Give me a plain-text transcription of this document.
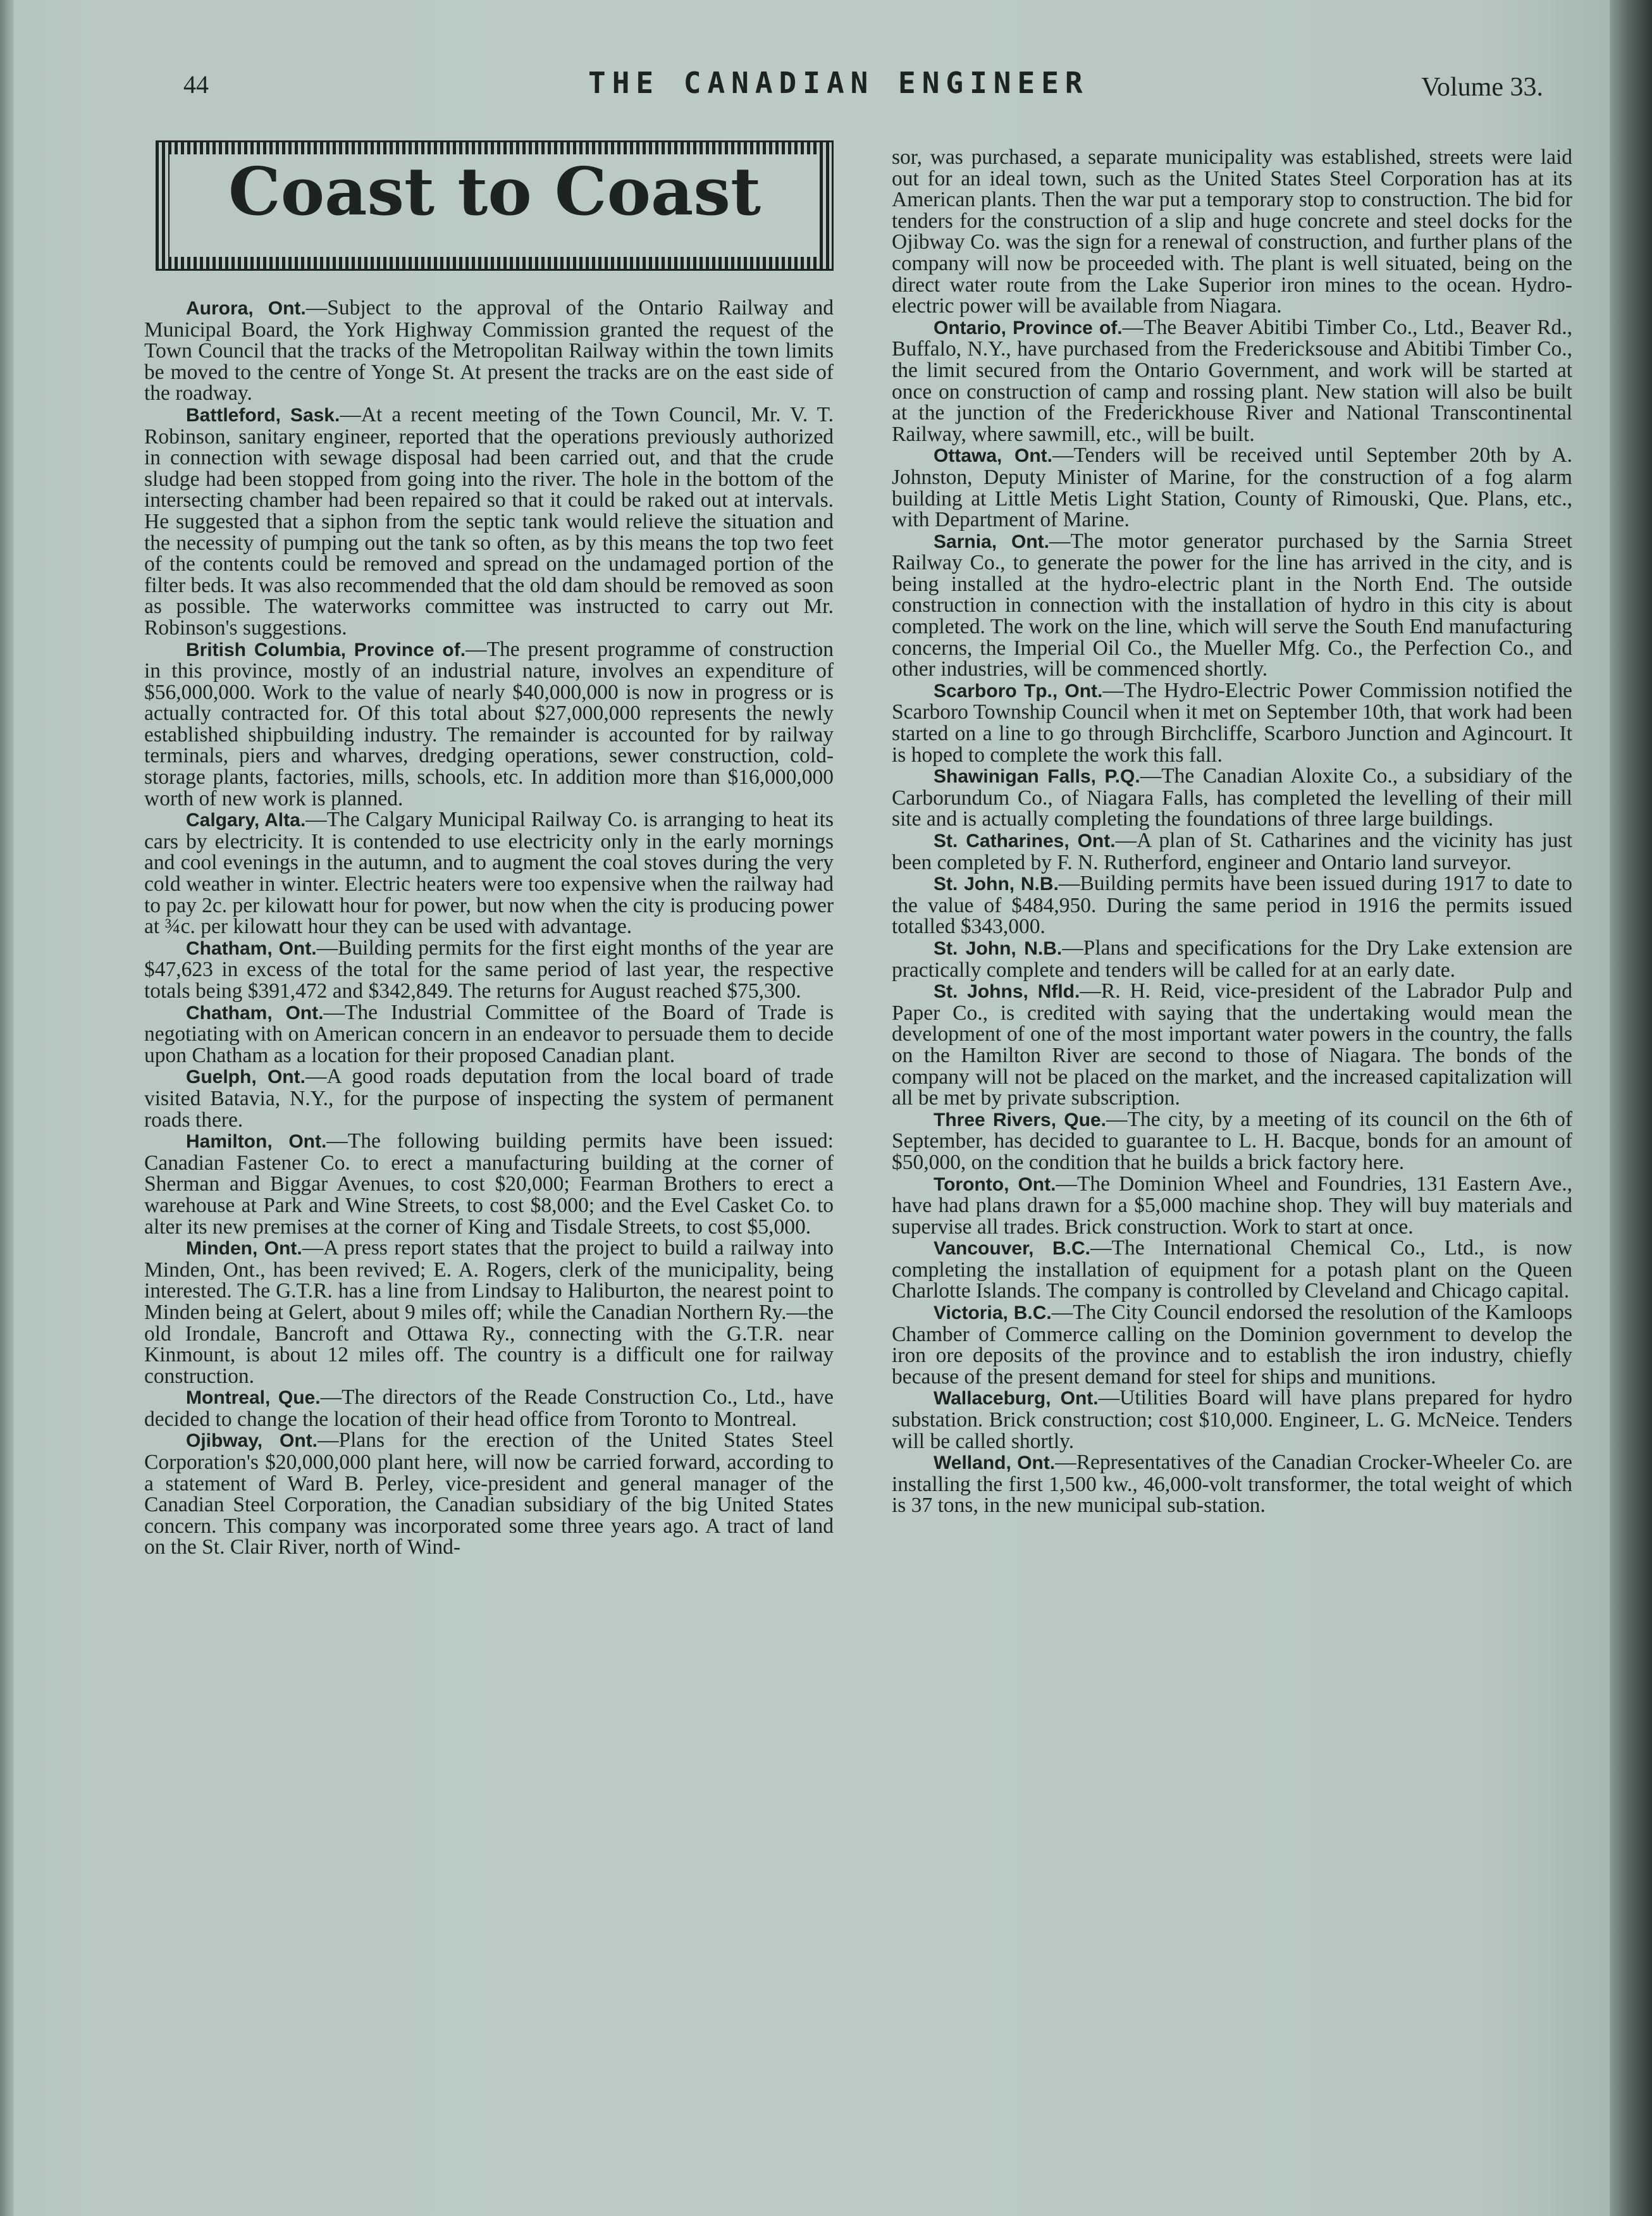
44	THE CANADIAN ENGINEER	Volume 33.
Coast to Coast

Aurora, Ont.—Subject to the approval of the Ontario Railway and Municipal Board, the York Highway Commission granted the request of the Town Council that the tracks of the Metropolitan Railway within the town limits be moved to the centre of Yonge St. At present the tracks are on the east side of the roadway.

Battleford, Sask.—At a recent meeting of the Town Council, Mr. V. T. Robinson, sanitary engineer, reported that the operations previously authorized in connection with sewage disposal had been carried out, and that the crude sludge had been stopped from going into the river. The hole in the bottom of the intersecting chamber had been repaired so that it could be raked out at intervals. He suggested that a siphon from the septic tank would relieve the situation and the necessity of pumping out the tank so often, as by this means the top two feet of the contents could be removed and spread on the undamaged portion of the filter beds. It was also recommended that the old dam should be removed as soon as possible. The waterworks committee was instructed to carry out Mr. Robinson's suggestions.

British Columbia, Province of.—The present programme of construction in this province, mostly of an industrial nature, involves an expenditure of $56,000,000. Work to the value of nearly $40,000,000 is now in progress or is actually contracted for. Of this total about $27,000,000 represents the newly established shipbuilding industry. The remainder is accounted for by railway terminals, piers and wharves, dredging operations, sewer construction, cold-storage plants, factories, mills, schools, etc. In addition more than $16,000,000 worth of new work is planned.

Calgary, Alta.—The Calgary Municipal Railway Co. is arranging to heat its cars by electricity. It is contended to use electricity only in the early mornings and cool evenings in the autumn, and to augment the coal stoves during the very cold weather in winter. Electric heaters were too expensive when the railway had to pay 2c. per kilowatt hour for power, but now when the city is producing power at ¾c. per kilowatt hour they can be used with advantage.

Chatham, Ont.—Building permits for the first eight months of the year are $47,623 in excess of the total for the same period of last year, the respective totals being $391,472 and $342,849. The returns for August reached $75,300.

Chatham, Ont.—The Industrial Committee of the Board of Trade is negotiating with on American concern in an endeavor to persuade them to decide upon Chatham as a location for their proposed Canadian plant.

Guelph, Ont.—A good roads deputation from the local board of trade visited Batavia, N.Y., for the purpose of inspecting the system of permanent roads there.

Hamilton, Ont.—The following building permits have been issued: Canadian Fastener Co. to erect a manufacturing building at the corner of Sherman and Biggar Avenues, to cost $20,000; Fearman Brothers to erect a warehouse at Park and Wine Streets, to cost $8,000; and the Evel Casket Co. to alter its new premises at the corner of King and Tisdale Streets, to cost $5,000.

Minden, Ont.—A press report states that the project to build a railway into Minden, Ont., has been revived; E. A. Rogers, clerk of the municipality, being interested. The G.T.R. has a line from Lindsay to Haliburton, the nearest point to Minden being at Gelert, about 9 miles off; while the Canadian Northern Ry.—the old Irondale, Bancroft and Ottawa Ry., connecting with the G.T.R. near Kinmount, is about 12 miles off. The country is a difficult one for railway construction.

Montreal, Que.—The directors of the Reade Construction Co., Ltd., have decided to change the location of their head office from Toronto to Montreal.

Ojibway, Ont.—Plans for the erection of the United States Steel Corporation's $20,000,000 plant here, will now be carried forward, according to a statement of Ward B. Perley, vice-president and general manager of the Canadian Steel Corporation, the Canadian subsidiary of the big United States concern. This company was incorporated some three years ago. A tract of land on the St. Clair River, north of Wind-

sor, was purchased, a separate municipality was established, streets were laid out for an ideal town, such as the United States Steel Corporation has at its American plants. Then the war put a temporary stop to construction. The bid for tenders for the construction of a slip and huge concrete and steel docks for the Ojibway Co. was the sign for a renewal of construction, and further plans of the company will now be proceeded with. The plant is well situated, being on the direct water route from the Lake Superior iron mines to the ocean. Hydro-electric power will be available from Niagara.

Ontario, Province of.—The Beaver Abitibi Timber Co., Ltd., Beaver Rd., Buffalo, N.Y., have purchased from the Fredericksouse and Abitibi Timber Co., the limit secured from the Ontario Government, and work will be started at once on construction of camp and rossing plant. New station will also be built at the junction of the Frederickhouse River and National Transcontinental Railway, where sawmill, etc., will be built.

Ottawa, Ont.—Tenders will be received until September 20th by A. Johnston, Deputy Minister of Marine, for the construction of a fog alarm building at Little Metis Light Station, County of Rimouski, Que. Plans, etc., with Department of Marine.

Sarnia, Ont.—The motor generator purchased by the Sarnia Street Railway Co., to generate the power for the line has arrived in the city, and is being installed at the hydro-electric plant in the North End. The outside construction in connection with the installation of hydro in this city is about completed. The work on the line, which will serve the South End manufacturing concerns, the Imperial Oil Co., the Mueller Mfg. Co., the Perfection Co., and other industries, will be commenced shortly.

Scarboro Tp., Ont.—The Hydro-Electric Power Commission notified the Scarboro Township Council when it met on September 10th, that work had been started on a line to go through Birchcliffe, Scarboro Junction and Agincourt. It is hoped to complete the work this fall.

Shawinigan Falls, P.Q.—The Canadian Aloxite Co., a subsidiary of the Carborundum Co., of Niagara Falls, has completed the levelling of their mill site and is actually completing the foundations of three large buildings.

St. Catharines, Ont.—A plan of St. Catharines and the vicinity has just been completed by F. N. Rutherford, engineer and Ontario land surveyor.

St. John, N.B.—Building permits have been issued during 1917 to date to the value of $484,950. During the same period in 1916 the permits issued totalled $343,000.

St. John, N.B.—Plans and specifications for the Dry Lake extension are practically complete and tenders will be called for at an early date.

St. Johns, Nfld.—R. H. Reid, vice-president of the Labrador Pulp and Paper Co., is credited with saying that the undertaking would mean the development of one of the most important water powers in the country, the falls on the Hamilton River are second to those of Niagara. The bonds of the company will not be placed on the market, and the increased capitalization will all be met by private subscription.

Three Rivers, Que.—The city, by a meeting of its council on the 6th of September, has decided to guarantee to L. H. Bacque, bonds for an amount of $50,000, on the condition that he builds a brick factory here.

Toronto, Ont.—The Dominion Wheel and Foundries, 131 Eastern Ave., have had plans drawn for a $5,000 machine shop. They will buy materials and supervise all trades. Brick construction. Work to start at once.

Vancouver, B.C.—The International Chemical Co., Ltd., is now completing the installation of equipment for a potash plant on the Queen Charlotte Islands. The company is controlled by Cleveland and Chicago capital.

Victoria, B.C.—The City Council endorsed the resolution of the Kamloops Chamber of Commerce calling on the Dominion government to develop the iron ore deposits of the province and to establish the iron industry, chiefly because of the present demand for steel for ships and munitions.

Wallaceburg, Ont.—Utilities Board will have plans prepared for hydro substation. Brick construction; cost $10,000. Engineer, L. G. McNeice. Tenders will be called shortly.

Welland, Ont.—Representatives of the Canadian Crocker-Wheeler Co. are installing the first 1,500 kw., 46,000-volt transformer, the total weight of which is 37 tons, in the new municipal sub-station.
